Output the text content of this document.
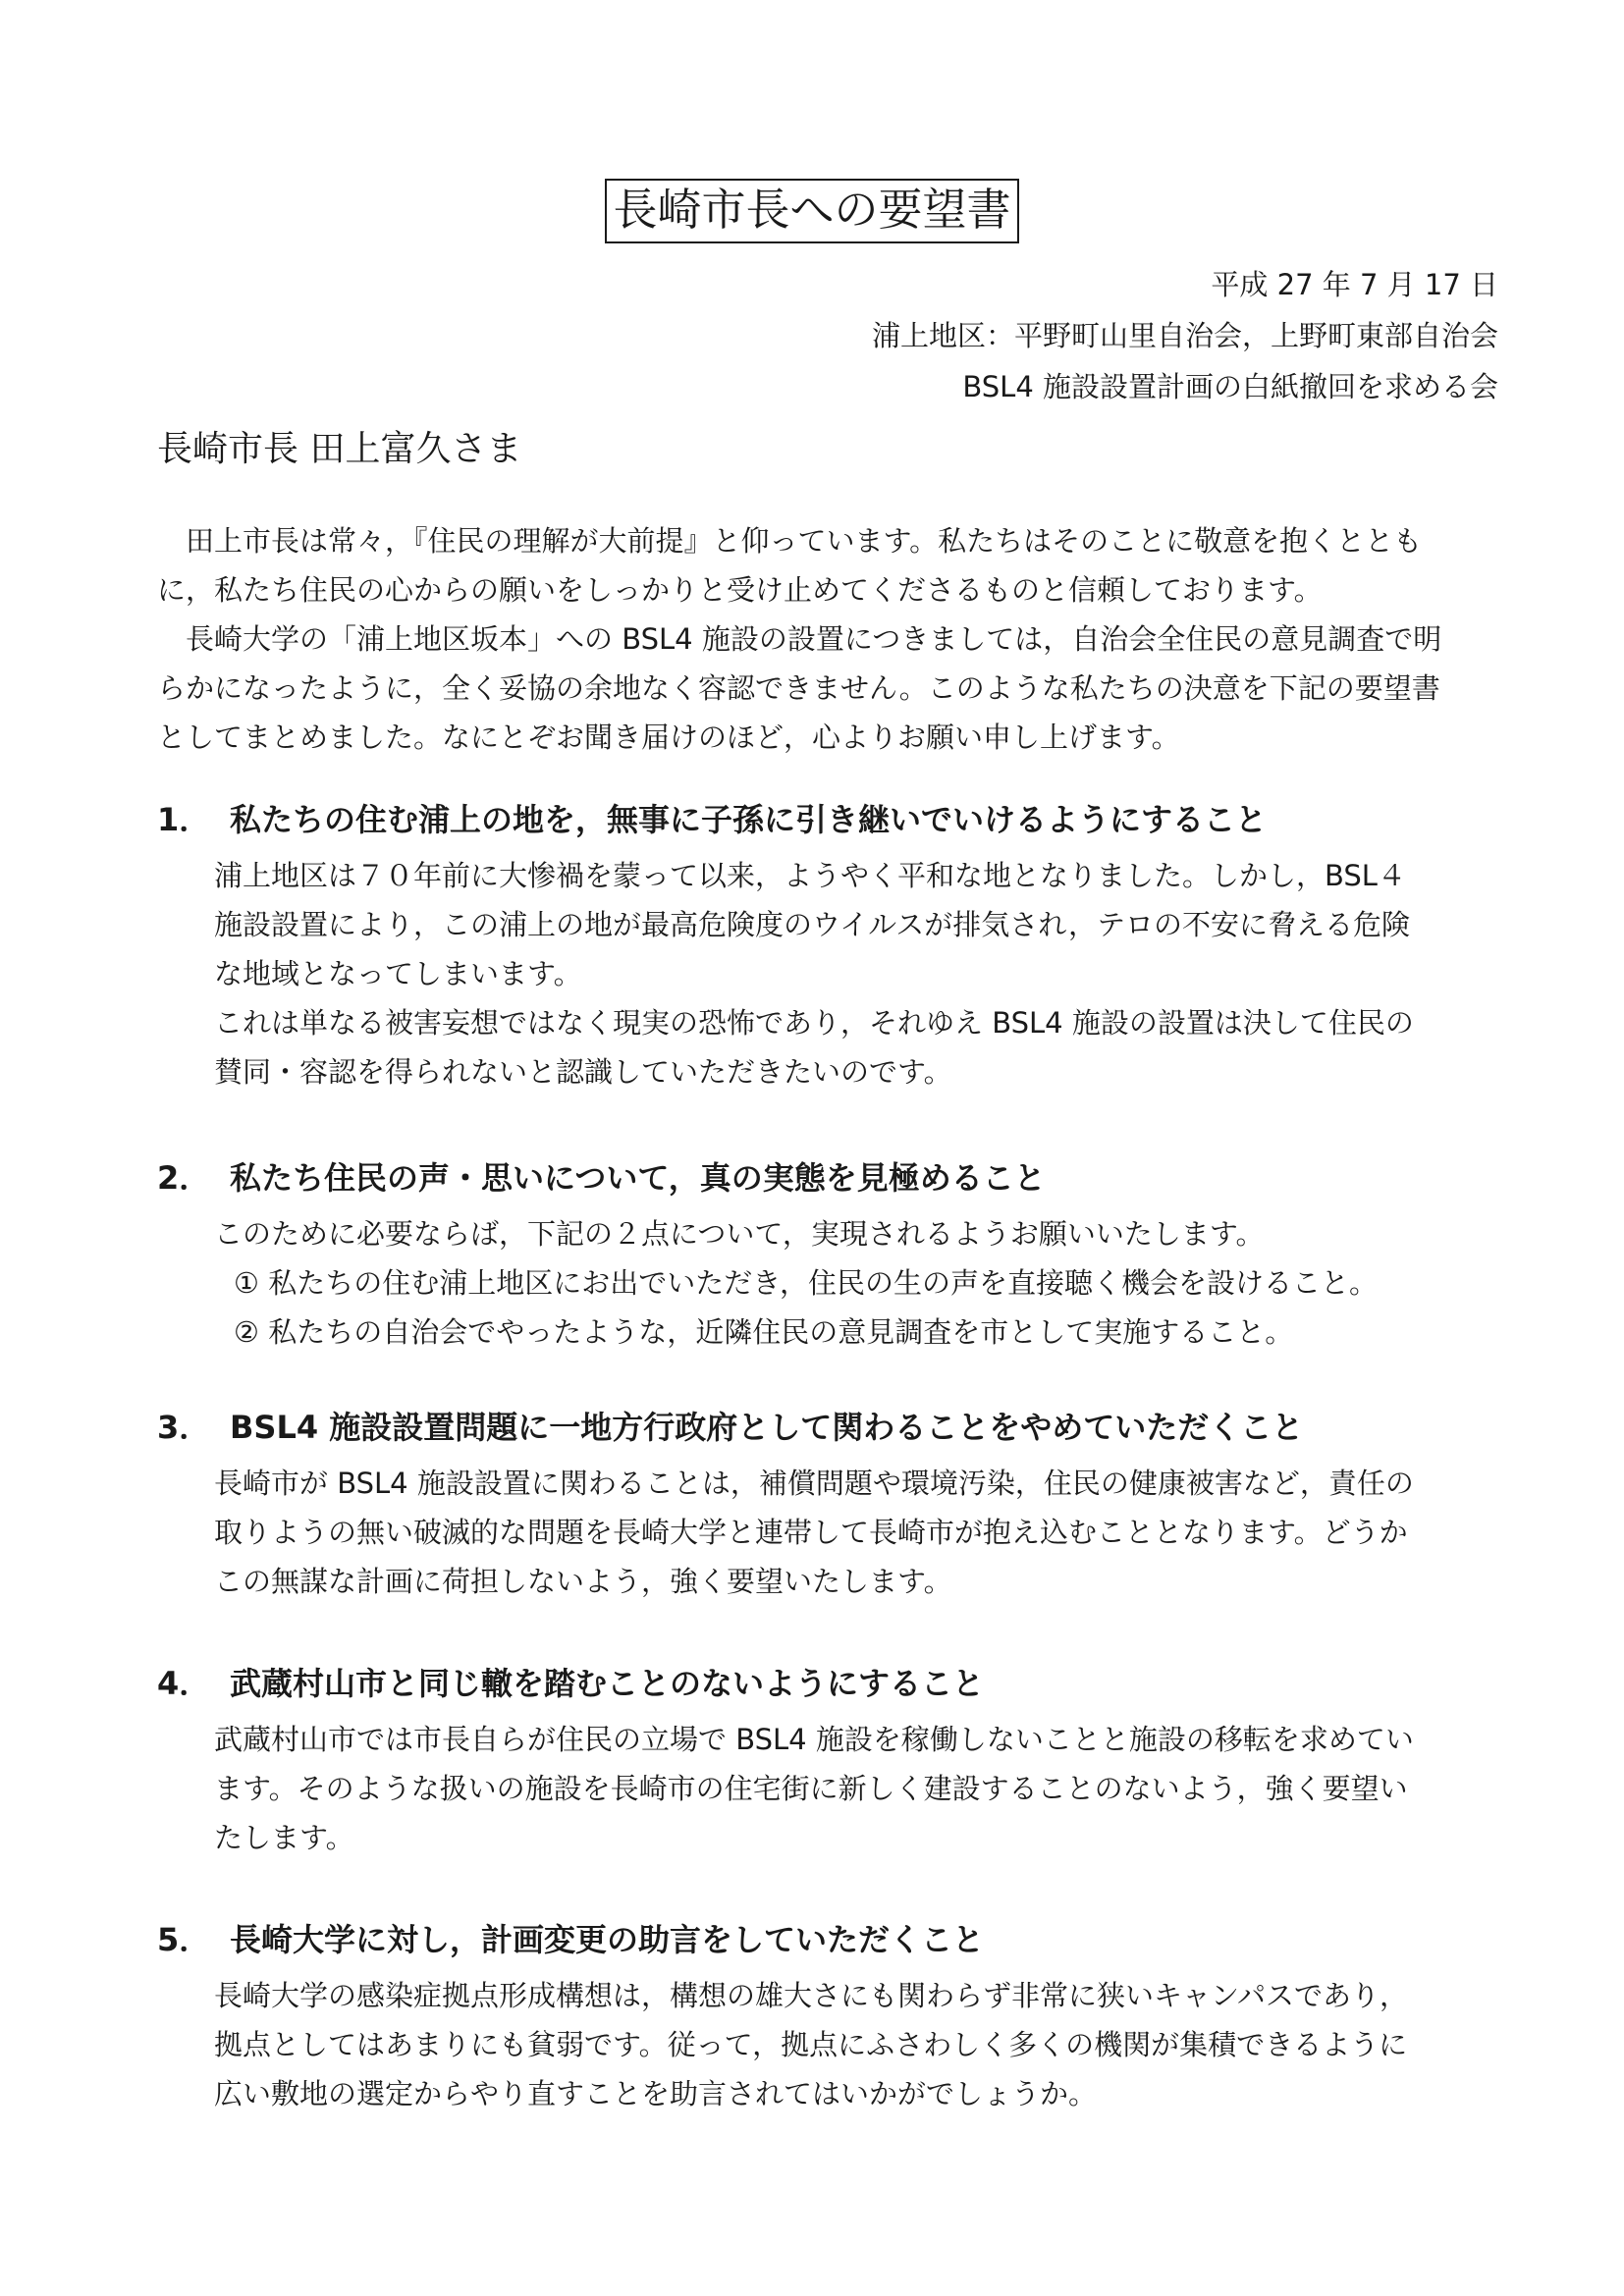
長崎市長への要望書
平成 27 年 7 月 17 日
浦上地区：平野町山里自治会，上野町東部自治会
BSL4 施設設置計画の白紙撤回を求める会
長崎市長 田上富久さま

田上市長は常々，『住民の理解が大前提』と仰っています。私たちはそのことに敬意を抱くとともに，私たち住民の心からの願いをしっかりと受け止めてくださるものと信頼しております。

長崎大学の「浦上地区坂本」への BSL4 施設の設置につきましては，自治会全住民の意見調査で明らかになったように，全く妥協の余地なく容認できません。このような私たちの決意を下記の要望書としてまとめました。なにとぞお聞き届けのほど，心よりお願い申し上げます。

1． 私たちの住む浦上の地を，無事に子孫に引き継いでいけるようにすること

浦上地区は７０年前に大惨禍を蒙って以来，ようやく平和な地となりました。しかし，BSL４施設設置により，この浦上の地が最高危険度のウイルスが排気され，テロの不安に脅える危険な地域となってしまいます。

これは単なる被害妄想ではなく現実の恐怖であり，それゆえ BSL4 施設の設置は決して住民の賛同・容認を得られないと認識していただきたいのです。

2． 私たち住民の声・思いについて，真の実態を見極めること

このために必要ならば，下記の２点について，実現されるようお願いいたします。

① 私たちの住む浦上地区にお出でいただき，住民の生の声を直接聴く機会を設けること。

② 私たちの自治会でやったような，近隣住民の意見調査を市として実施すること。

3． BSL4 施設設置問題に一地方行政府として関わることをやめていただくこと

長崎市が BSL4 施設設置に関わることは，補償問題や環境汚染，住民の健康被害など，責任の取りようの無い破滅的な問題を長崎大学と連帯して長崎市が抱え込むこととなります。どうかこの無謀な計画に荷担しないよう，強く要望いたします。

4． 武蔵村山市と同じ轍を踏むことのないようにすること

武蔵村山市では市長自らが住民の立場で BSL4 施設を稼働しないことと施設の移転を求めています。そのような扱いの施設を長崎市の住宅街に新しく建設することのないよう，強く要望いたします。

5． 長崎大学に対し，計画変更の助言をしていただくこと

長崎大学の感染症拠点形成構想は，構想の雄大さにも関わらず非常に狭いキャンパスであり，拠点としてはあまりにも貧弱です。従って，拠点にふさわしく多くの機関が集積できるように広い敷地の選定からやり直すことを助言されてはいかがでしょうか。
